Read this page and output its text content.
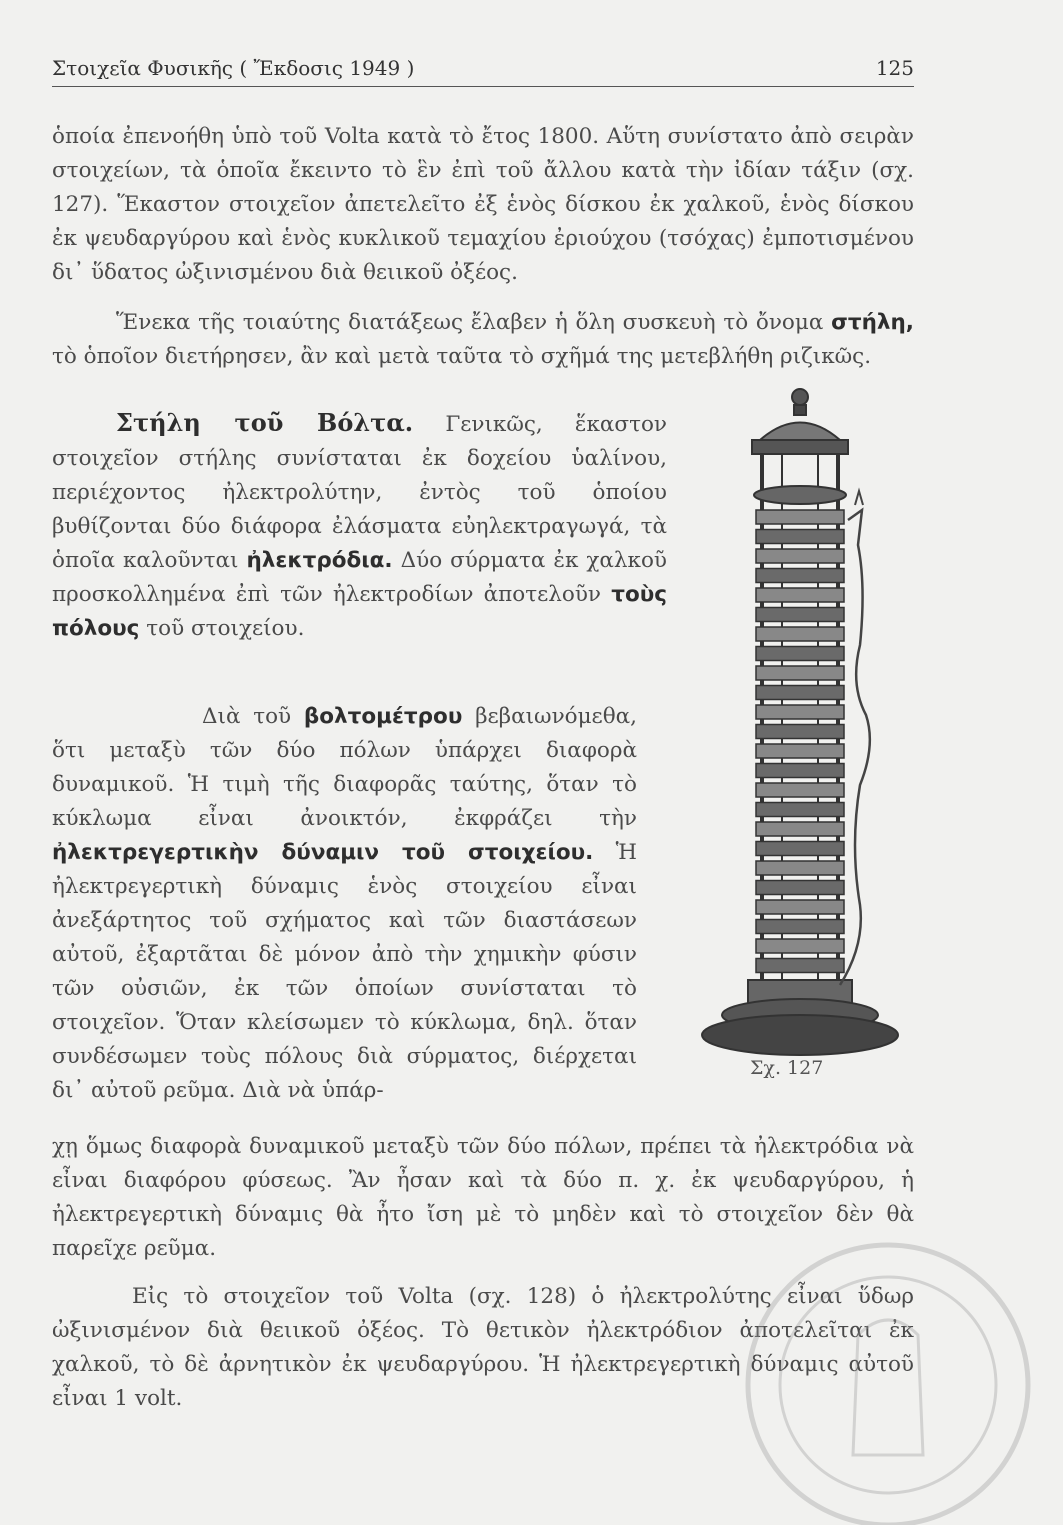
Στοιχεῖα Φυσικῆς ( Ἔκδοσις 1949 )	125

ὁποία ἐπενοήθη ὑπὸ τοῦ Volta κατὰ τὸ ἔτος 1800. Αὕτη συνίστατο ἀπὸ σειρὰν στοιχείων, τὰ ὁποῖα ἔκειντο τὸ ἓν ἐπὶ τοῦ ἄλλου κατὰ τὴν ἰδίαν τάξιν (σχ. 127). Ἕκαστον στοιχεῖον ἀπετελεῖτο ἐξ ἑνὸς δίσκου ἐκ χαλκοῦ, ἑνὸς δίσκου ἐκ ψευδαργύρου καὶ ἑνὸς κυκλικοῦ τεμαχίου ἐριούχου (τσόχας) ἐμποτισμένου δι᾽ ὕδατος ὠξινισμένου διὰ θειικοῦ ὀξέος.

Ἕνεκα τῆς τοιαύτης διατάξεως ἔλαβεν ἡ ὅλη συσκευὴ τὸ ὄνομα στήλη, τὸ ὁποῖον διετήρησεν, ἂν καὶ μετὰ ταῦτα τὸ σχῆμά της μετεβλήθη ριζικῶς.

Στήλη τοῦ Βόλτα. Γενικῶς, ἕκαστον στοιχεῖον στήλης συνίσταται ἐκ δοχείου ὑαλίνου, περιέχοντος ἠλεκτρολύτην, ἐντὸς τοῦ ὁποίου βυθίζονται δύο διάφορα ἐλάσματα εὐηλεκτραγωγά, τὰ ὁποῖα καλοῦνται ἠλεκτρόδια. Δύο σύρματα ἐκ χαλκοῦ προσκολλημένα ἐπὶ τῶν ἠλεκτροδίων ἀποτελοῦν τοὺς πόλους τοῦ στοιχείου.

Διὰ τοῦ βολτομέτρου βεβαιωνόμεθα, ὅτι μεταξὺ τῶν δύο πόλων ὑπάρχει διαφορὰ δυναμικοῦ. Ἡ τιμὴ τῆς διαφορᾶς ταύτης, ὅταν τὸ κύκλωμα εἶναι ἀνοικτόν, ἐκφράζει τὴν ἠλεκτρεγερτικὴν δύναμιν τοῦ στοιχείου. Ἡ ἠλεκτρεγερτικὴ δύναμις ἑνὸς στοιχείου εἶναι ἀνεξάρτητος τοῦ σχήματος καὶ τῶν διαστάσεων αὐτοῦ, ἐξαρτᾶται δὲ μόνον ἀπὸ τὴν χημικὴν φύσιν τῶν οὐσιῶν, ἐκ τῶν ὁποίων συνίσταται τὸ στοιχεῖον. Ὅταν κλείσωμεν τὸ κύκλωμα, δηλ. ὅταν συνδέσωμεν τοὺς πόλους διὰ σύρματος, διέρχεται δι᾽ αὐτοῦ ρεῦμα. Διὰ νὰ ὑπάρ-

χῃ ὅμως διαφορὰ δυναμικοῦ μεταξὺ τῶν δύο πόλων, πρέπει τὰ ἠλεκτρόδια νὰ εἶναι διαφόρου φύσεως. Ἂν ἦσαν καὶ τὰ δύο π. χ. ἐκ ψευδαργύρου, ἡ ἠλεκτρεγερτικὴ δύναμις θὰ ἦτο ἴση μὲ τὸ μηδὲν καὶ τὸ στοιχεῖον δὲν θὰ παρεῖχε ρεῦμα.

Εἰς τὸ στοιχεῖον τοῦ Volta (σχ. 128) ὁ ἠλεκτρολύτης εἶναι ὕδωρ ὠξινισμένον διὰ θειικοῦ ὀξέος. Τὸ θετικὸν ἠλεκτρόδιον ἀποτελεῖται ἐκ χαλκοῦ, τὸ δὲ ἀρνητικὸν ἐκ ψευδαργύρου. Ἡ ἠλεκτρεγερτικὴ δύναμις αὐτοῦ εἶναι 1 volt.

Σχ. 127
